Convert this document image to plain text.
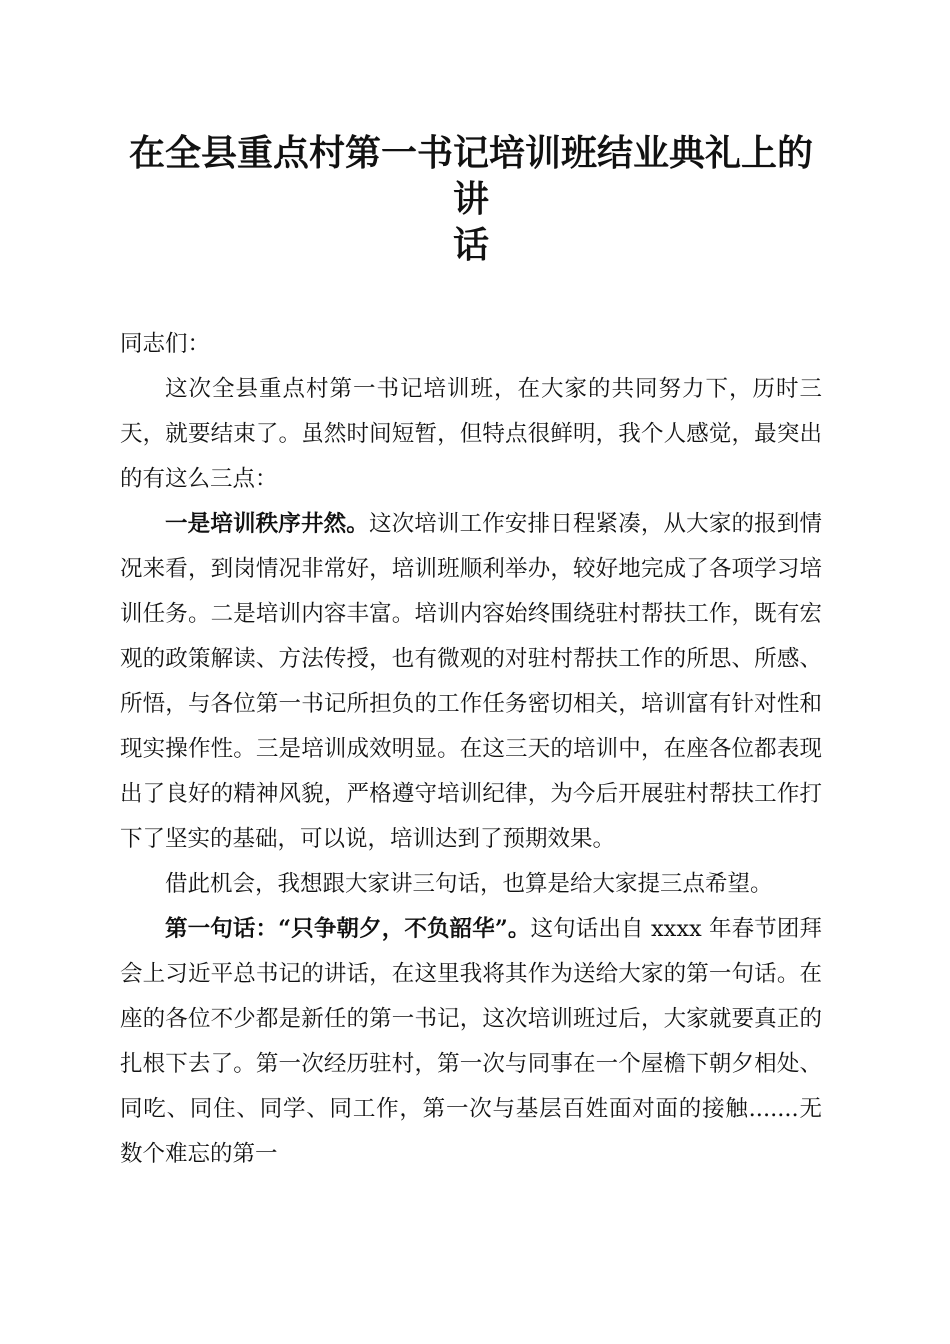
在全县重点村第一书记培训班结业典礼上的讲
话

同志们：

这次全县重点村第一书记培训班，在大家的共同努力下，历时三天，就要结束了。虽然时间短暂，但特点很鲜明，我个人感觉，最突出的有这么三点：

一是培训秩序井然。这次培训工作安排日程紧凑，从大家的报到情况来看，到岗情况非常好，培训班顺利举办，较好地完成了各项学习培训任务。二是培训内容丰富。培训内容始终围绕驻村帮扶工作，既有宏观的政策解读、方法传授，也有微观的对驻村帮扶工作的所思、所感、所悟，与各位第一书记所担负的工作任务密切相关，培训富有针对性和现实操作性。三是培训成效明显。在这三天的培训中，在座各位都表现出了良好的精神风貌，严格遵守培训纪律，为今后开展驻村帮扶工作打下了坚实的基础，可以说，培训达到了预期效果。

借此机会，我想跟大家讲三句话，也算是给大家提三点希望。

第一句话：“只争朝夕，不负韶华”。这句话出自 xxxx 年春节团拜会上习近平总书记的讲话，在这里我将其作为送给大家的第一句话。在座的各位不少都是新任的第一书记，这次培训班过后，大家就要真正的扎根下去了。第一次经历驻村，第一次与同事在一个屋檐下朝夕相处、同吃、同住、同学、同工作，第一次与基层百姓面对面的接触.......无数个难忘的第一
